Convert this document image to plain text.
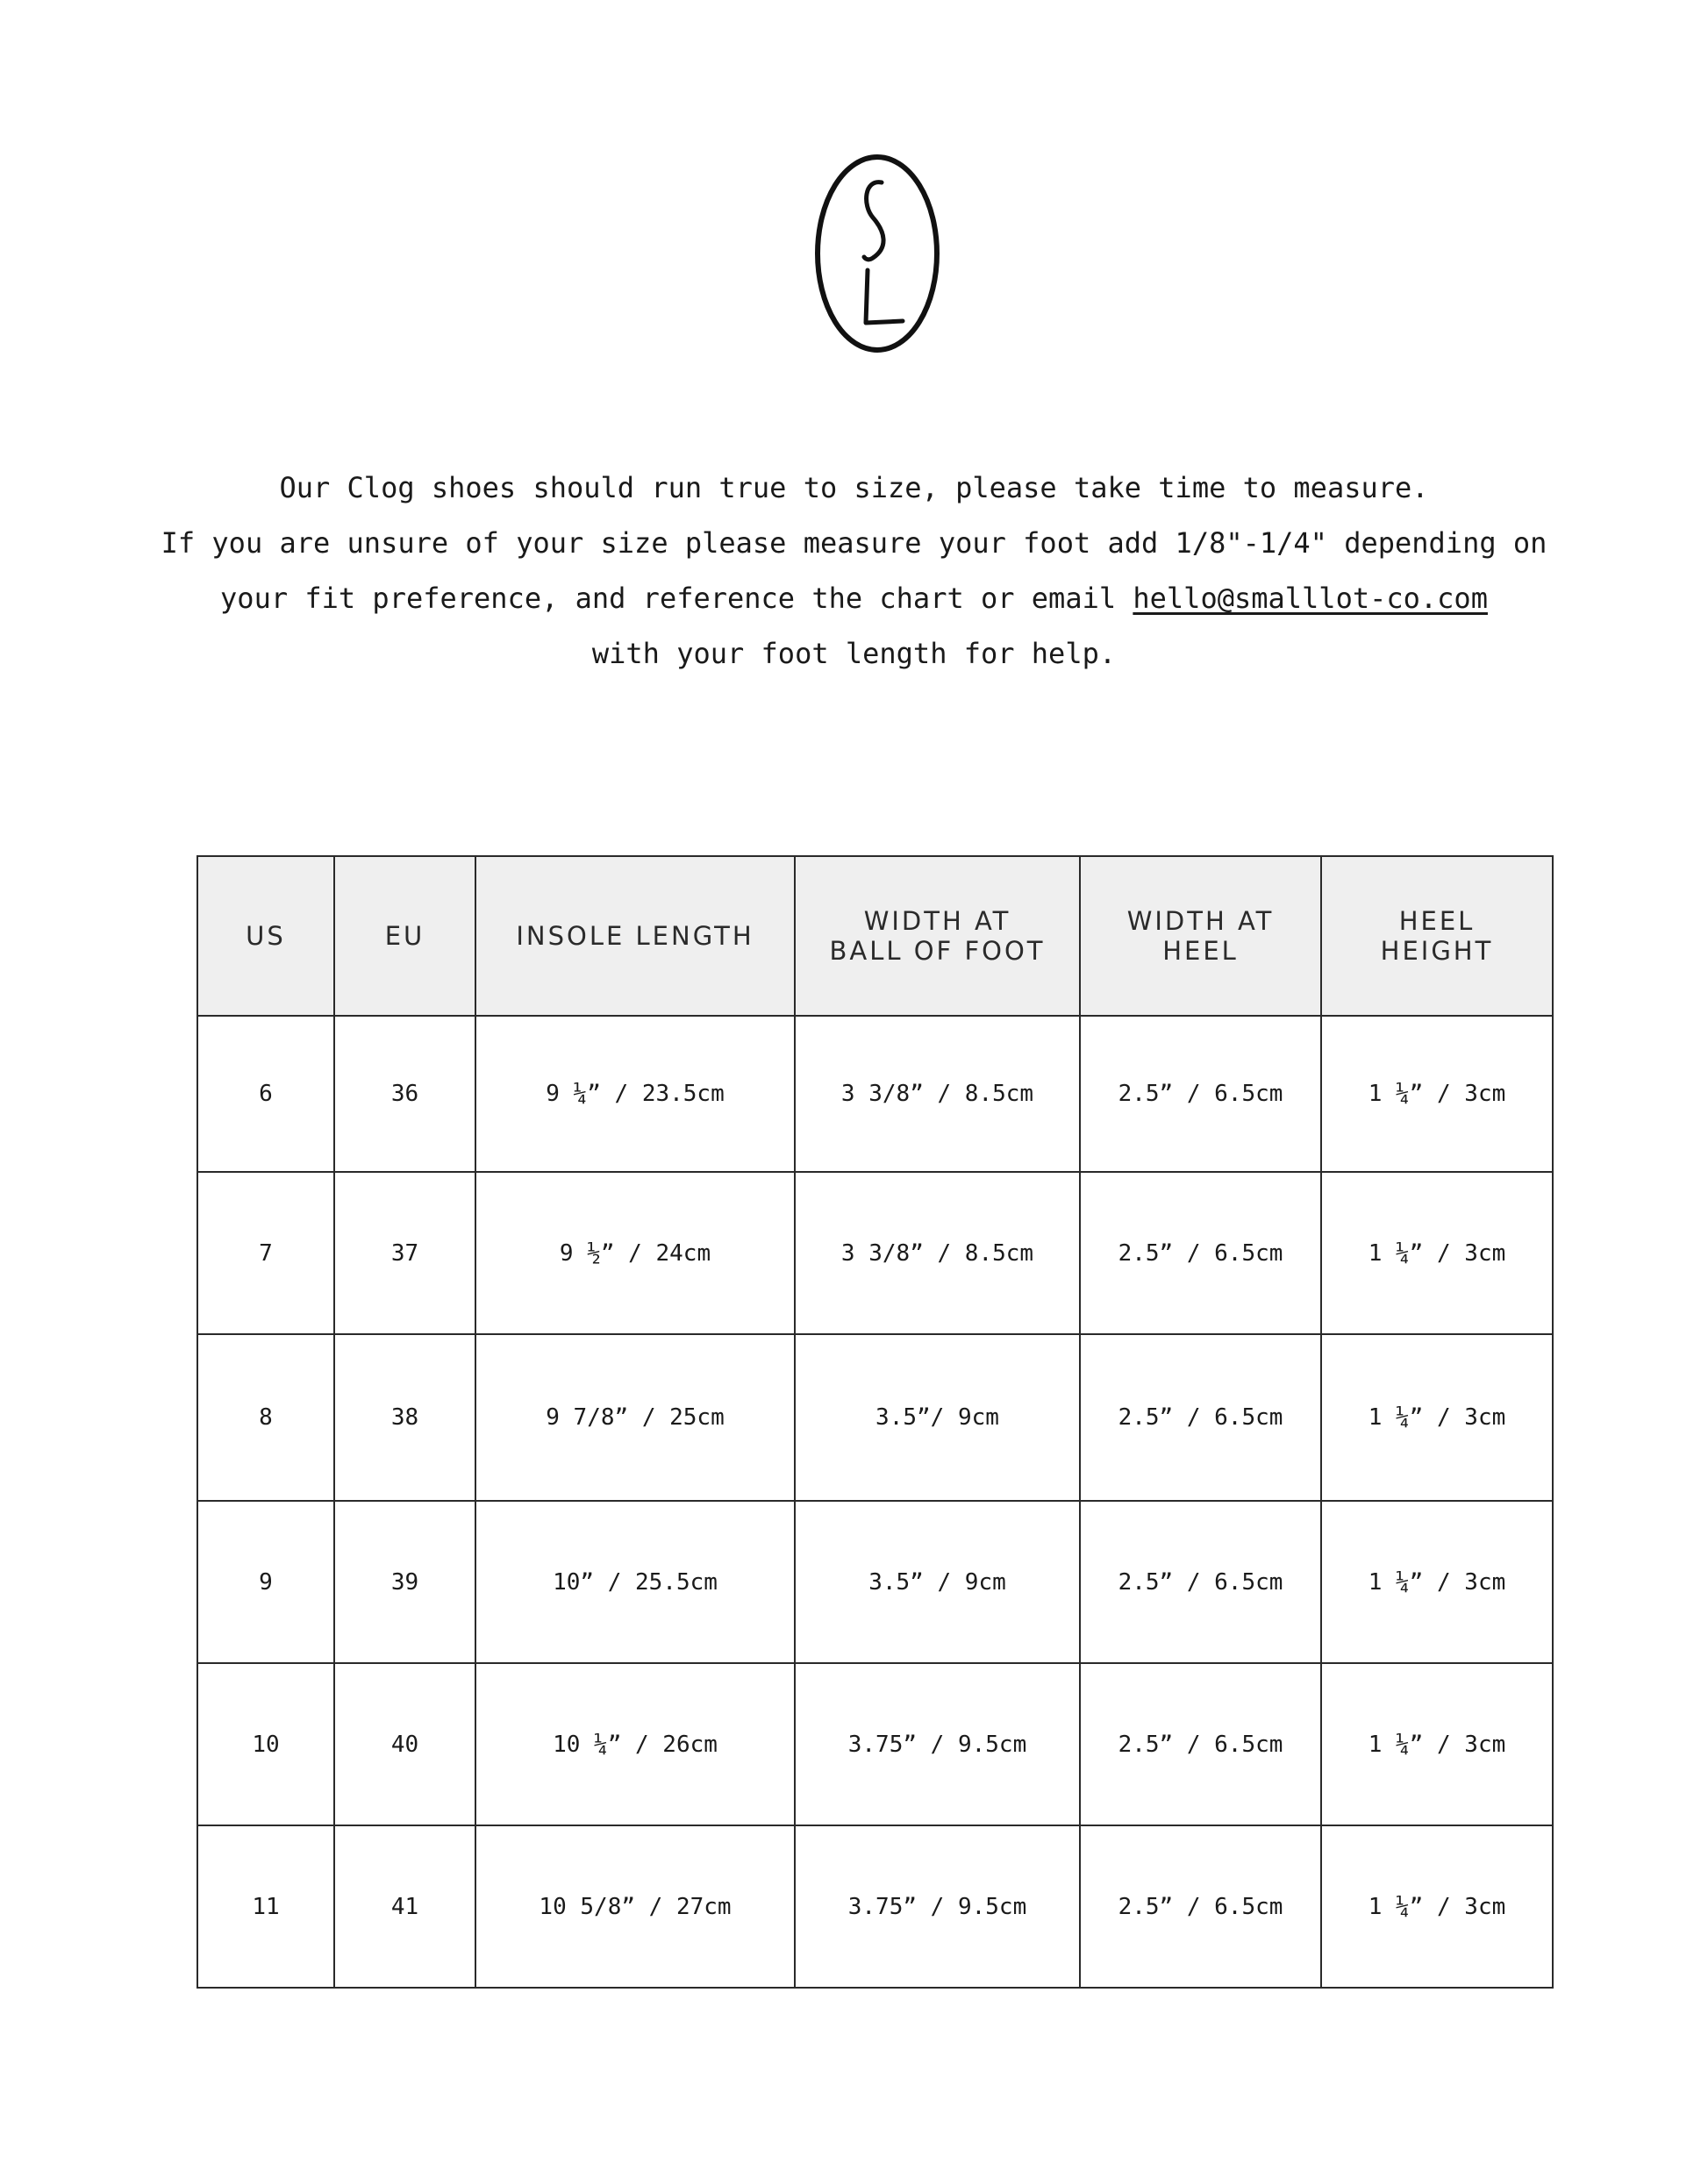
Our Clog shoes should run true to size, please take time to measure.
If you are unsure of your size please measure your foot add 1/8"-1/4" depending on
your fit preference, and reference the chart or email hello@smalllot-co.com
with your foot length for help.
US	EU	INSOLE LENGTH	WIDTH AT BALL OF FOOT	WIDTH AT HEEL	HEEL HEIGHT
6	36	9 ¼” / 23.5cm	3 3/8” / 8.5cm	2.5” / 6.5cm	1 ¼” / 3cm
7	37	9 ½” / 24cm	3 3/8” / 8.5cm	2.5” / 6.5cm	1 ¼” / 3cm
8	38	9 7/8” / 25cm	3.5”/ 9cm	2.5” / 6.5cm	1 ¼” / 3cm
9	39	10” / 25.5cm	3.5” / 9cm	2.5” / 6.5cm	1 ¼” / 3cm
10	40	10 ¼” / 26cm	3.75” / 9.5cm	2.5” / 6.5cm	1 ¼” / 3cm
11	41	10 5/8” / 27cm	3.75” / 9.5cm	2.5” / 6.5cm	1 ¼” / 3cm
